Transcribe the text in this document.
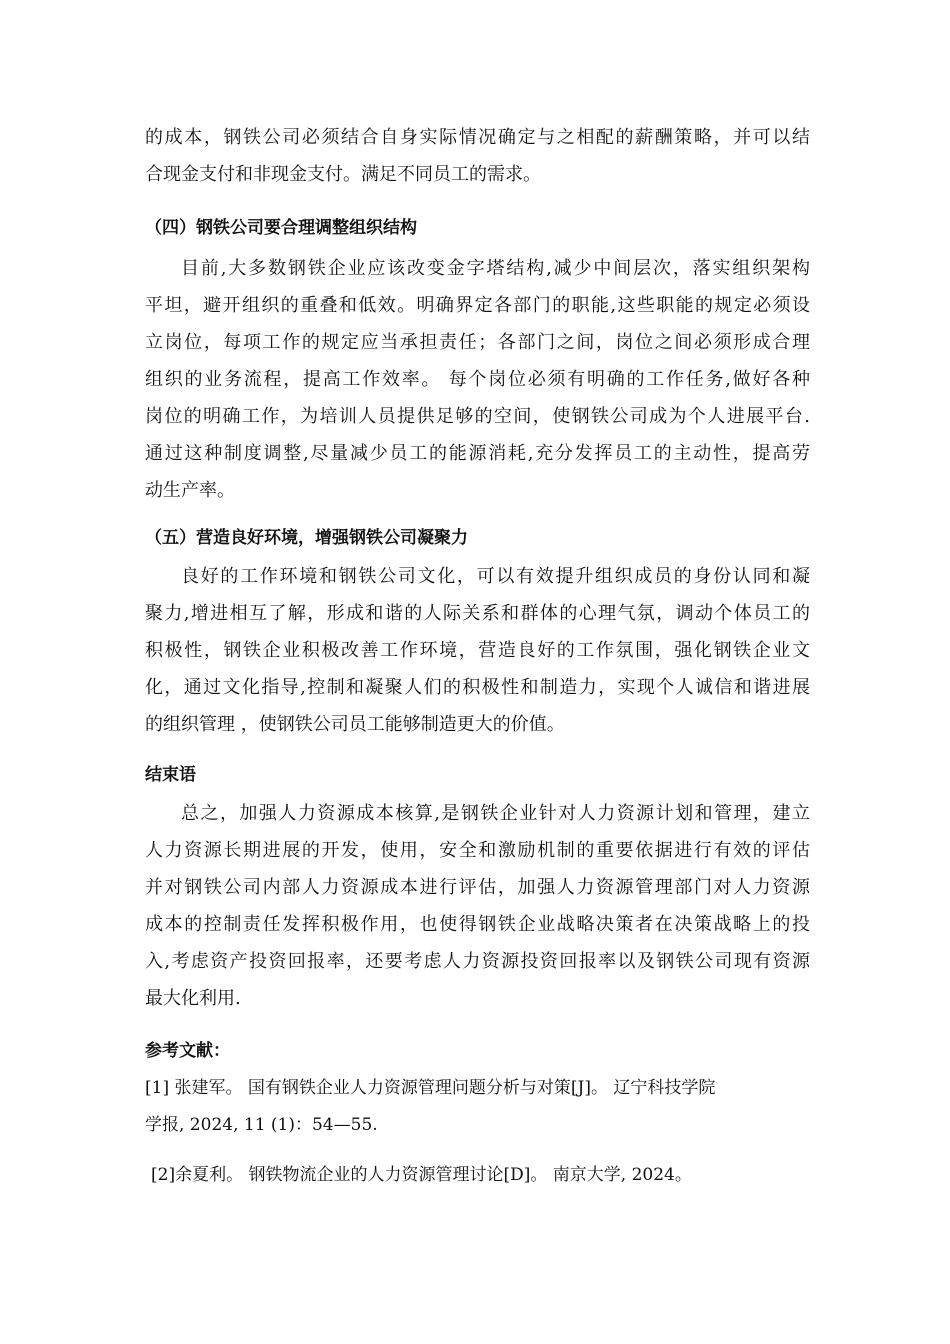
的成本，钢铁公司必须结合自身实际情况确定与之相配的薪酬策略，并可以结
合现金支付和非现金支付。满足不同员工的需求。
（四）钢铁公司要合理调整组织结构
目前,大多数钢铁企业应该改变金字塔结构,减少中间层次，落实组织架构
平坦，避开组织的重叠和低效。明确界定各部门的职能,这些职能的规定必须设
立岗位，每项工作的规定应当承担责任；各部门之间，岗位之间必须形成合理
组织的业务流程，提高工作效率。 每个岗位必须有明确的工作任务,做好各种
岗位的明确工作，为培训人员提供足够的空间，使钢铁公司成为个人进展平台.
通过这种制度调整,尽量减少员工的能源消耗,充分发挥员工的主动性，提高劳
动生产率。
（五）营造良好环境，增强钢铁公司凝聚力
良好的工作环境和钢铁公司文化，可以有效提升组织成员的身份认同和凝
聚力,增进相互了解，形成和谐的人际关系和群体的心理气氛，调动个体员工的
积极性，钢铁企业积极改善工作环境，营造良好的工作氛围，强化钢铁企业文
化，通过文化指导,控制和凝聚人们的积极性和制造力，实现个人诚信和谐进展
的组织管理 ，使钢铁公司员工能够制造更大的价值。
结束语
总之，加强人力资源成本核算,是钢铁企业针对人力资源计划和管理，建立
人力资源长期进展的开发，使用，安全和激励机制的重要依据进行有效的评估
并对钢铁公司内部人力资源成本进行评估，加强人力资源管理部门对人力资源
成本的控制责任发挥积极作用，也使得钢铁企业战略决策者在决策战略上的投
入,考虑资产投资回报率，还要考虑人力资源投资回报率以及钢铁公司现有资源
最大化利用.
参考文献：
[1] 张建军。 国有钢铁企业人力资源管理问题分析与对策[J]。 辽宁科技学院
学报, 2024, 11 (1)：54—55.
[2]余夏利。 钢铁物流企业的人力资源管理讨论[D]。 南京大学, 2024。
